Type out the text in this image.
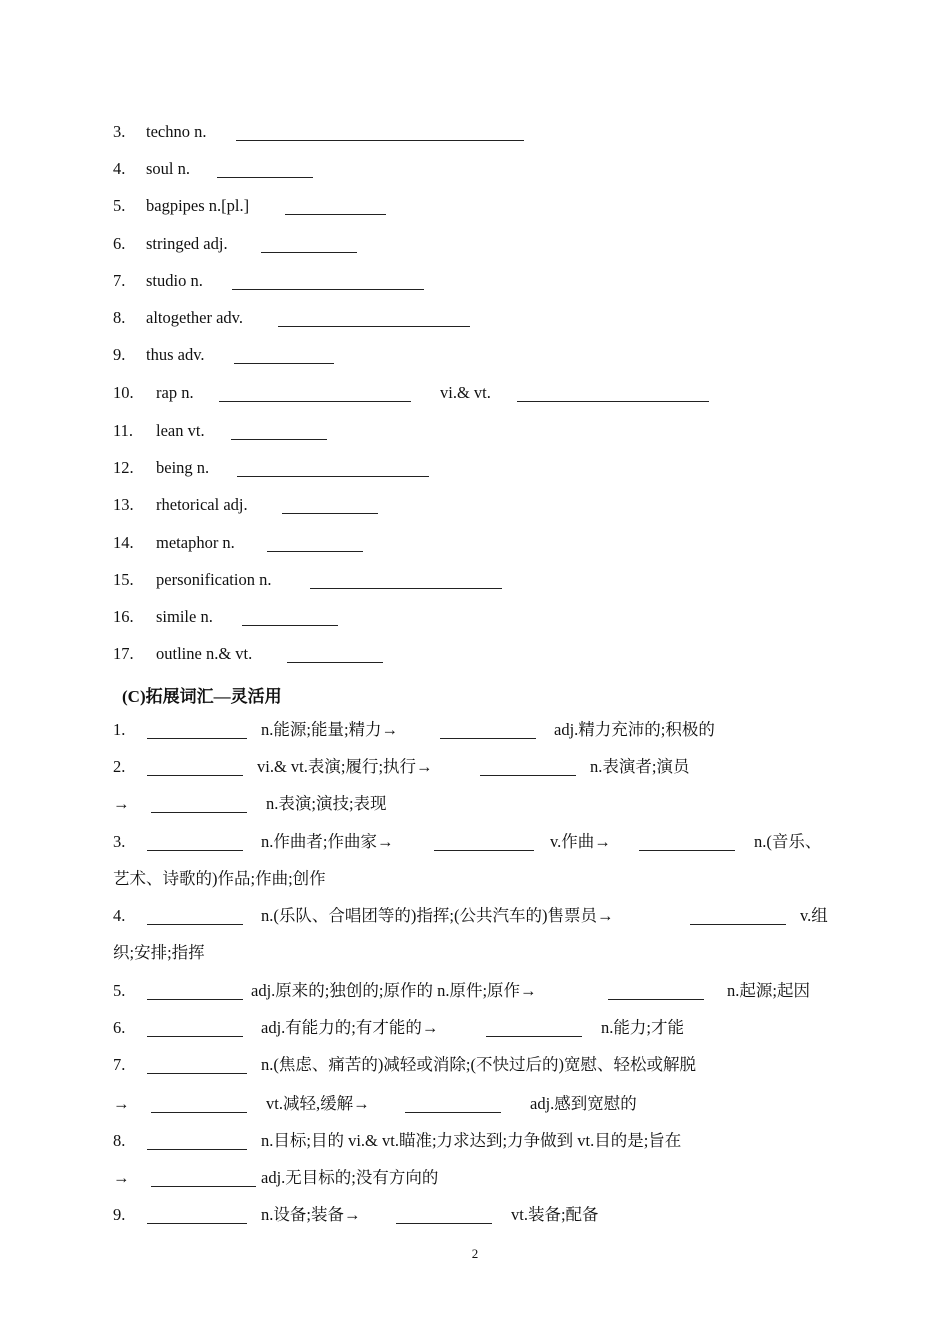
3. techno n.
4. soul n.
5. bagpipes n.[pl.]
6. stringed adj.
7. studio n.
8. altogether adv.
9. thus adv.
10. rap n.	vi.& vt.
11. lean vt.
12. being n.
13. rhetorical adj.
14. metaphor n.
15. personification n.
16. simile n.
17. outline n.& vt.
(C)拓展词汇—灵活用
1.	n.能源;能量;精力→	adj.精力充沛的;积极的
2.	vi.& vt.表演;履行;执行→	n.表演者;演员
→	n.表演;演技;表现
3.	n.作曲者;作曲家→	v.作曲→	n.(音乐、
艺术、诗歌的)作品;作曲;创作
4.	n.(乐队、合唱团等的)指挥;(公共汽车的)售票员→	v.组
织;安排;指挥
5.	adj.原来的;独创的;原作的 n.原件;原作→	n.起源;起因
6.	adj.有能力的;有才能的→	n.能力;才能
7.	n.(焦虑、痛苦的)减轻或消除;(不快过后的)宽慰、轻松或解脱
→	vt.减轻,缓解→	adj.感到宽慰的
8.	n.目标;目的 vi.& vt.瞄准;力求达到;力争做到 vt.目的是;旨在
→	adj.无目标的;没有方向的
9.	n.设备;装备→	vt.装备;配备
2
